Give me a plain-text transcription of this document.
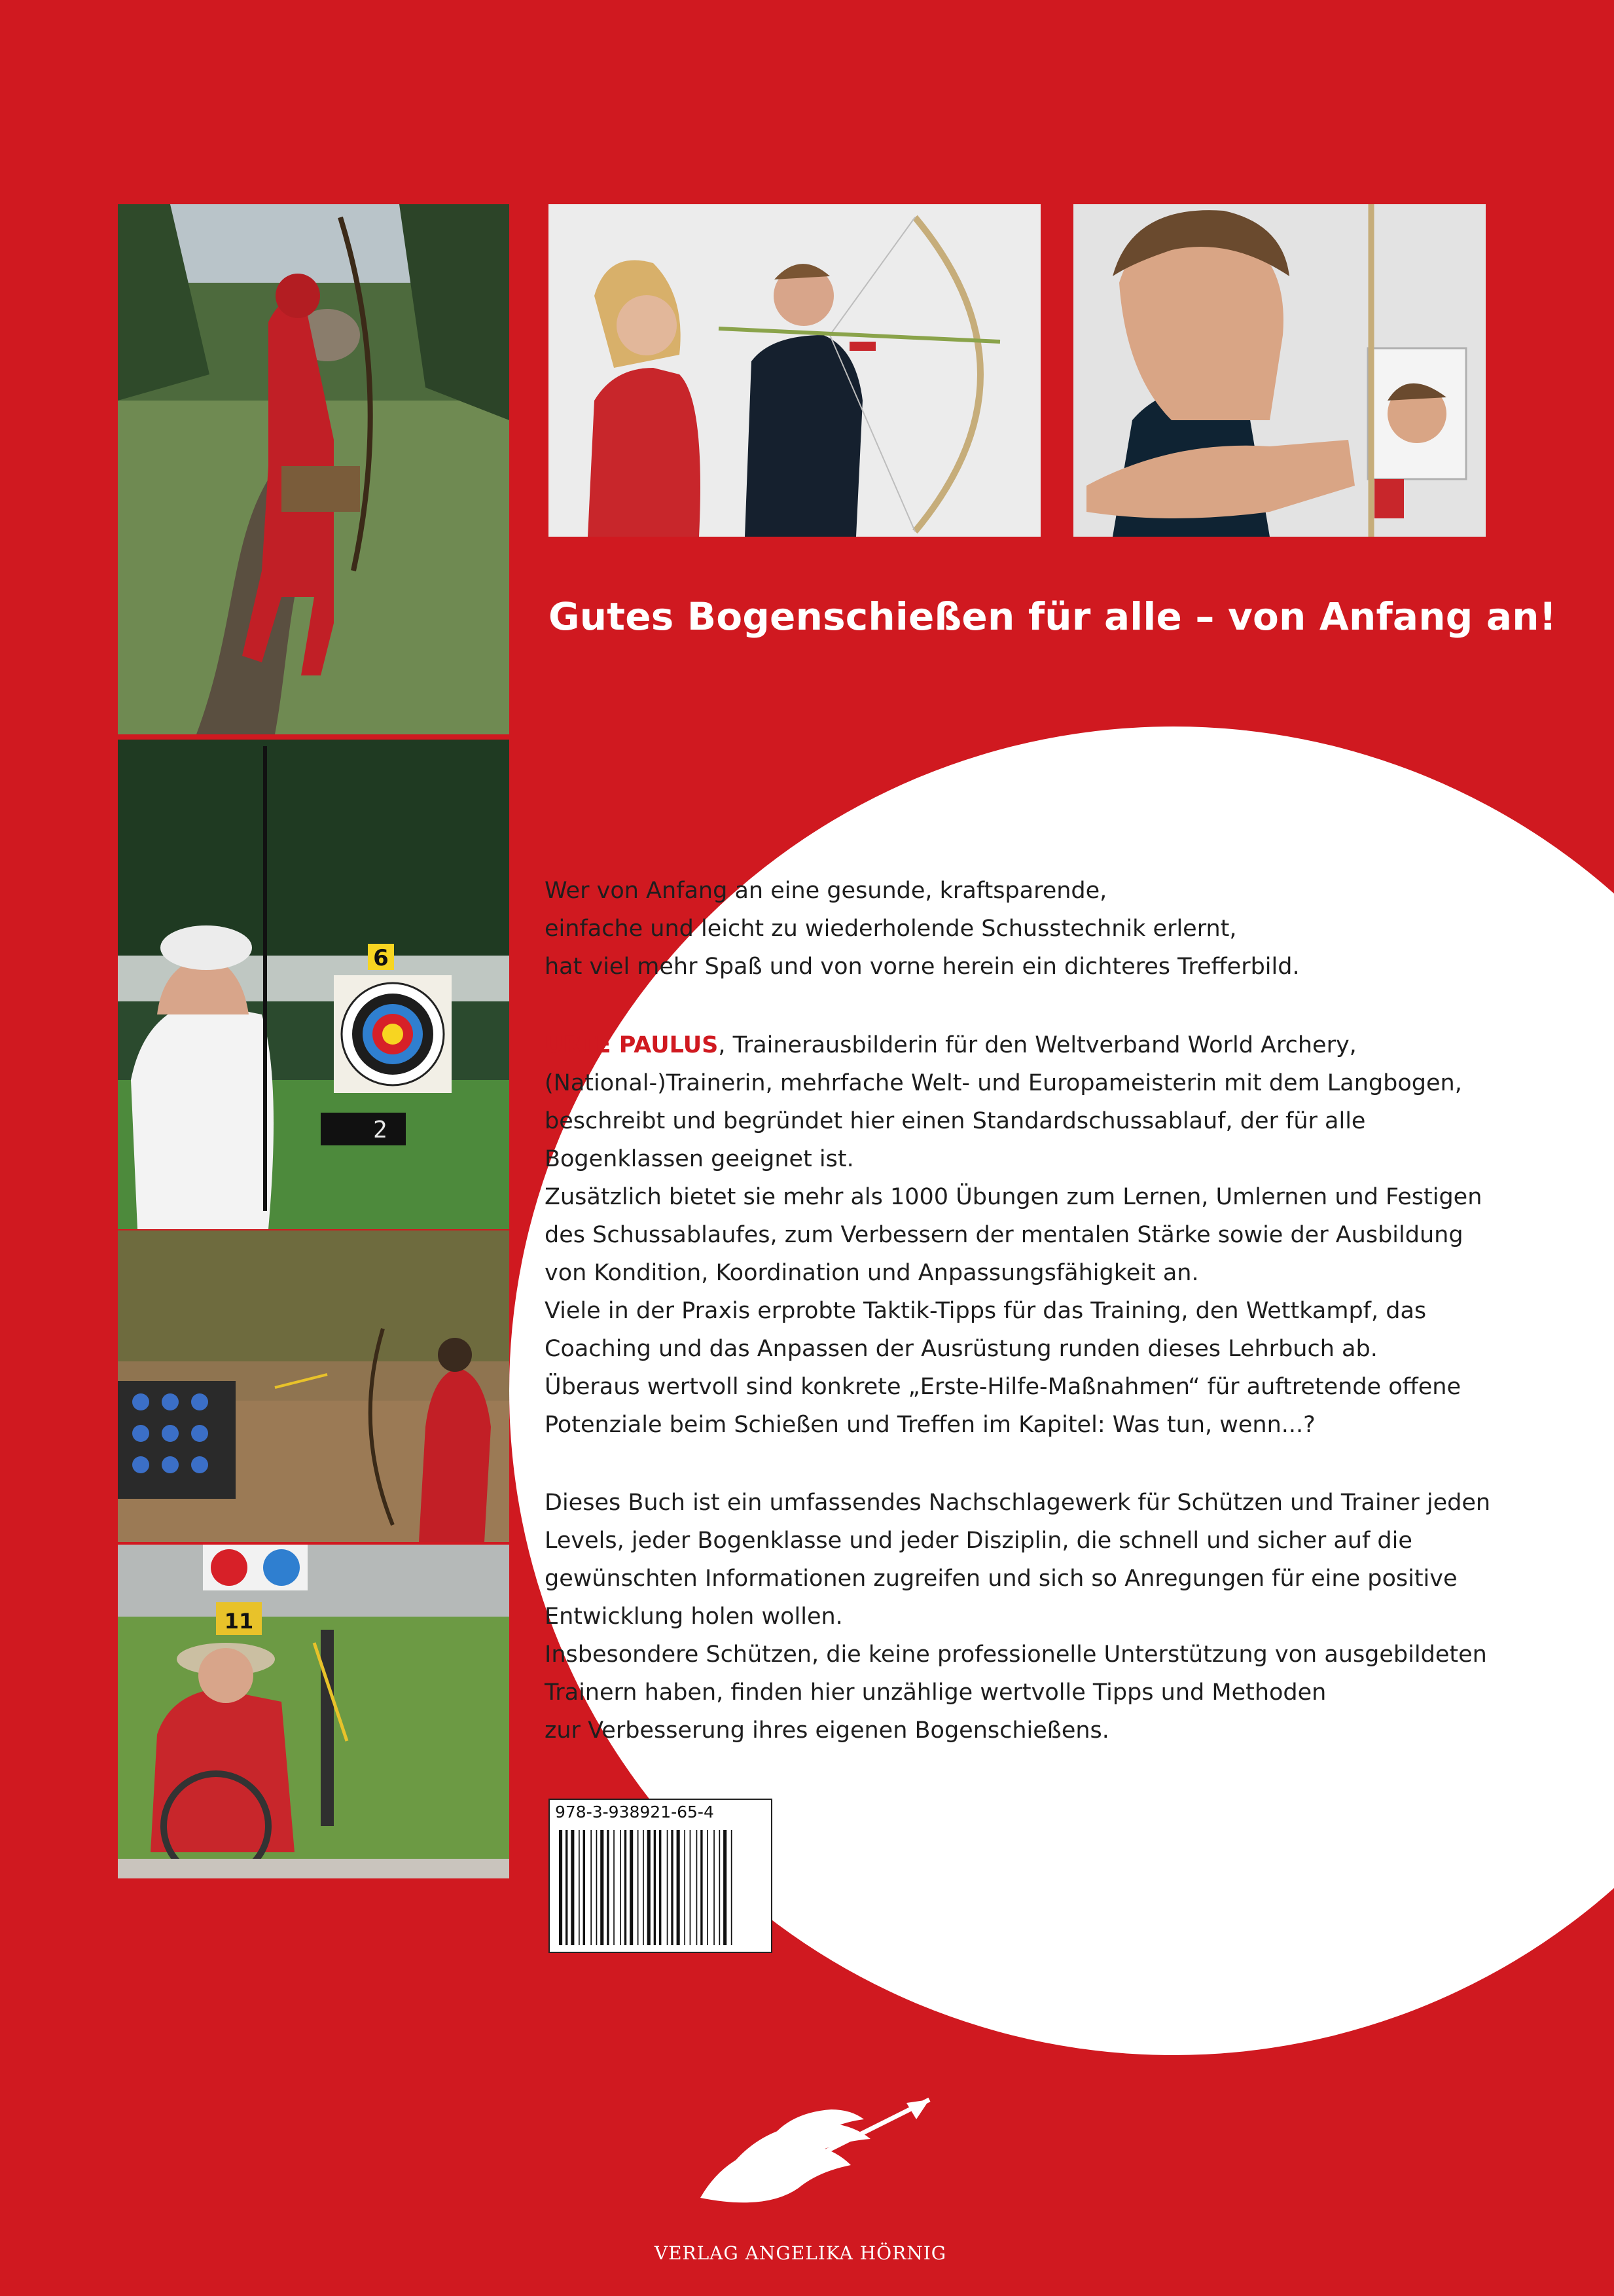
6
2
11
Gutes Bogenschießen für alle – von Anfang an!

Wer von Anfang an eine gesunde, kraftsparende,

einfache und leicht zu wiederholende Schusstechnik erlernt,

hat viel mehr Spaß und von vorne herein ein dichteres Trefferbild.

URTE PAULUS, Trainerausbilderin für den Weltverband World Archery,

(National-)Trainerin, mehrfache Welt- und Europameisterin mit dem Langbogen,

beschreibt und begründet hier einen Standardschussablauf, der für alle

Bogenklassen geeignet ist.

Zusätzlich bietet sie mehr als 1000 Übungen zum Lernen, Umlernen und Festigen

des Schussablaufes, zum Verbessern der mentalen Stärke sowie der Ausbildung

von Kondition, Koordination und Anpassungsfähigkeit an.

Viele in der Praxis erprobte Taktik-Tipps für das Training, den Wettkampf, das

Coaching und das Anpassen der Ausrüstung runden dieses Lehrbuch ab.

Überaus wertvoll sind konkrete „Erste-Hilfe-Maßnahmen“ für auftretende offene

Potenziale beim Schießen und Treffen im Kapitel: Was tun, wenn...?

Dieses Buch ist ein umfassendes Nachschlagewerk für Schützen und Trainer jeden

Levels, jeder Bogenklasse und jeder Disziplin, die schnell und sicher auf die

gewünschten Informationen zugreifen und sich so Anregungen für eine positive

Entwicklung holen wollen.

Insbesondere Schützen, die keine professionelle Unterstützung von ausgebildeten

Trainern haben, finden hier unzählige wertvolle Tipps und Methoden

zur Verbesserung ihres eigenen Bogenschießens.

978-3-938921-65-4
VERLAG ANGELIKA HÖRNIG
